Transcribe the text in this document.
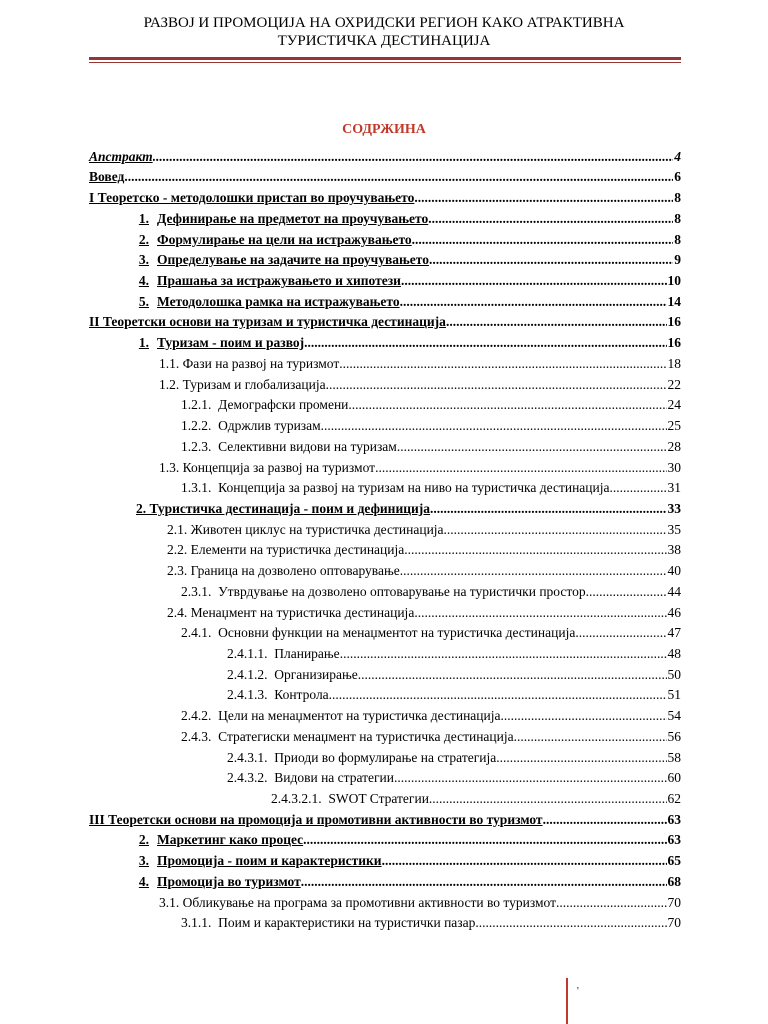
РАЗВОЈ И ПРОМОЦИЈА НА ОХРИДСКИ РЕГИОН КАКО АТРАКТИВНА
ТУРИСТИЧКА ДЕСТИНАЦИЈА
СОДРЖИНА
Апстракт .....	4
Вовед .....	6
I Теоретско - методолошки пристап во проучувањето .....	8
1. Дефинирање на предметот на проучувањето .....	8
2. Формулирање на цели на истражувањето .....	8
3. Определување на задачите на проучувањето .....	9
4. Прашања за истражувањето и хипотези .....	10
5. Методолошка рамка на истражувањето .....	14
II Теоретски основи на туризам и туристичка дестинација .....	16
1. Туризам - поим и развој .....	16
1.1. Фази на развој на туризмот .....	18
1.2. Туризам и глобализација .....	22
1.2.1.  Демографски промени .....	24
1.2.2.  Одржлив туризам .....	25
1.2.3.  Селективни видови на туризам .....	28
1.3. Концепција за развој на туризмот .....	30
1.3.1.  Концепција за развој на туризам на ниво на туристичка дестинација .....	31
2. Туристичка дестинација - поим и дефиниција .....	33
2.1. Животен циклус на туристичка дестинација .....	35
2.2. Елементи на туристичка дестинација .....	38
2.3. Граница на дозволено оптоварување .....	40
2.3.1.  Утврдување на дозволено оптоварување на туристички простор .....	44
2.4. Менаџмент на туристичка дестинација .....	46
2.4.1.  Основни функции на менаџментот на туристичка дестинација .....	47
2.4.1.1.  Планирање .....	48
2.4.1.2.  Организирање .....	50
2.4.1.3.  Контрола .....	51
2.4.2.  Цели на менаџментот на туристичка дестинација .....	54
2.4.3.  Стратегиски менаџмент на туристичка дестинација .....	56
2.4.3.1.  Приоди во формулирање на стратегија .....	58
2.4.3.2.  Видови на стратегии .....	60
2.4.3.2.1.  SWOT Стратегии .....	62
III Теоретски основи на промоција и промотивни активности во туризмот .....	63
2. Маркетинг како процес .....	63
3. Промоција - поим и карактеристики .....	65
4. Промоција во туризмот .....	68
3.1. Обликување на програма за промотивни активности во туризмот .....	70
3.1.1.  Поим и карактеристики на туристички пазар .....	70
'
